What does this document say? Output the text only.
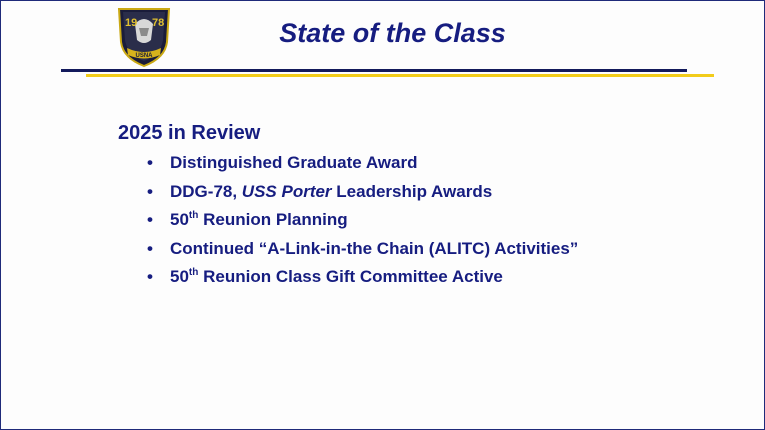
19 78
USNA
State of the Class
2025 in Review
• Distinguished Graduate Award
• DDG-78, USS Porter Leadership Awards
• 50th Reunion Planning
• Continued “A-Link-in-the Chain (ALITC) Activities”
• 50th Reunion Class Gift Committee Active
